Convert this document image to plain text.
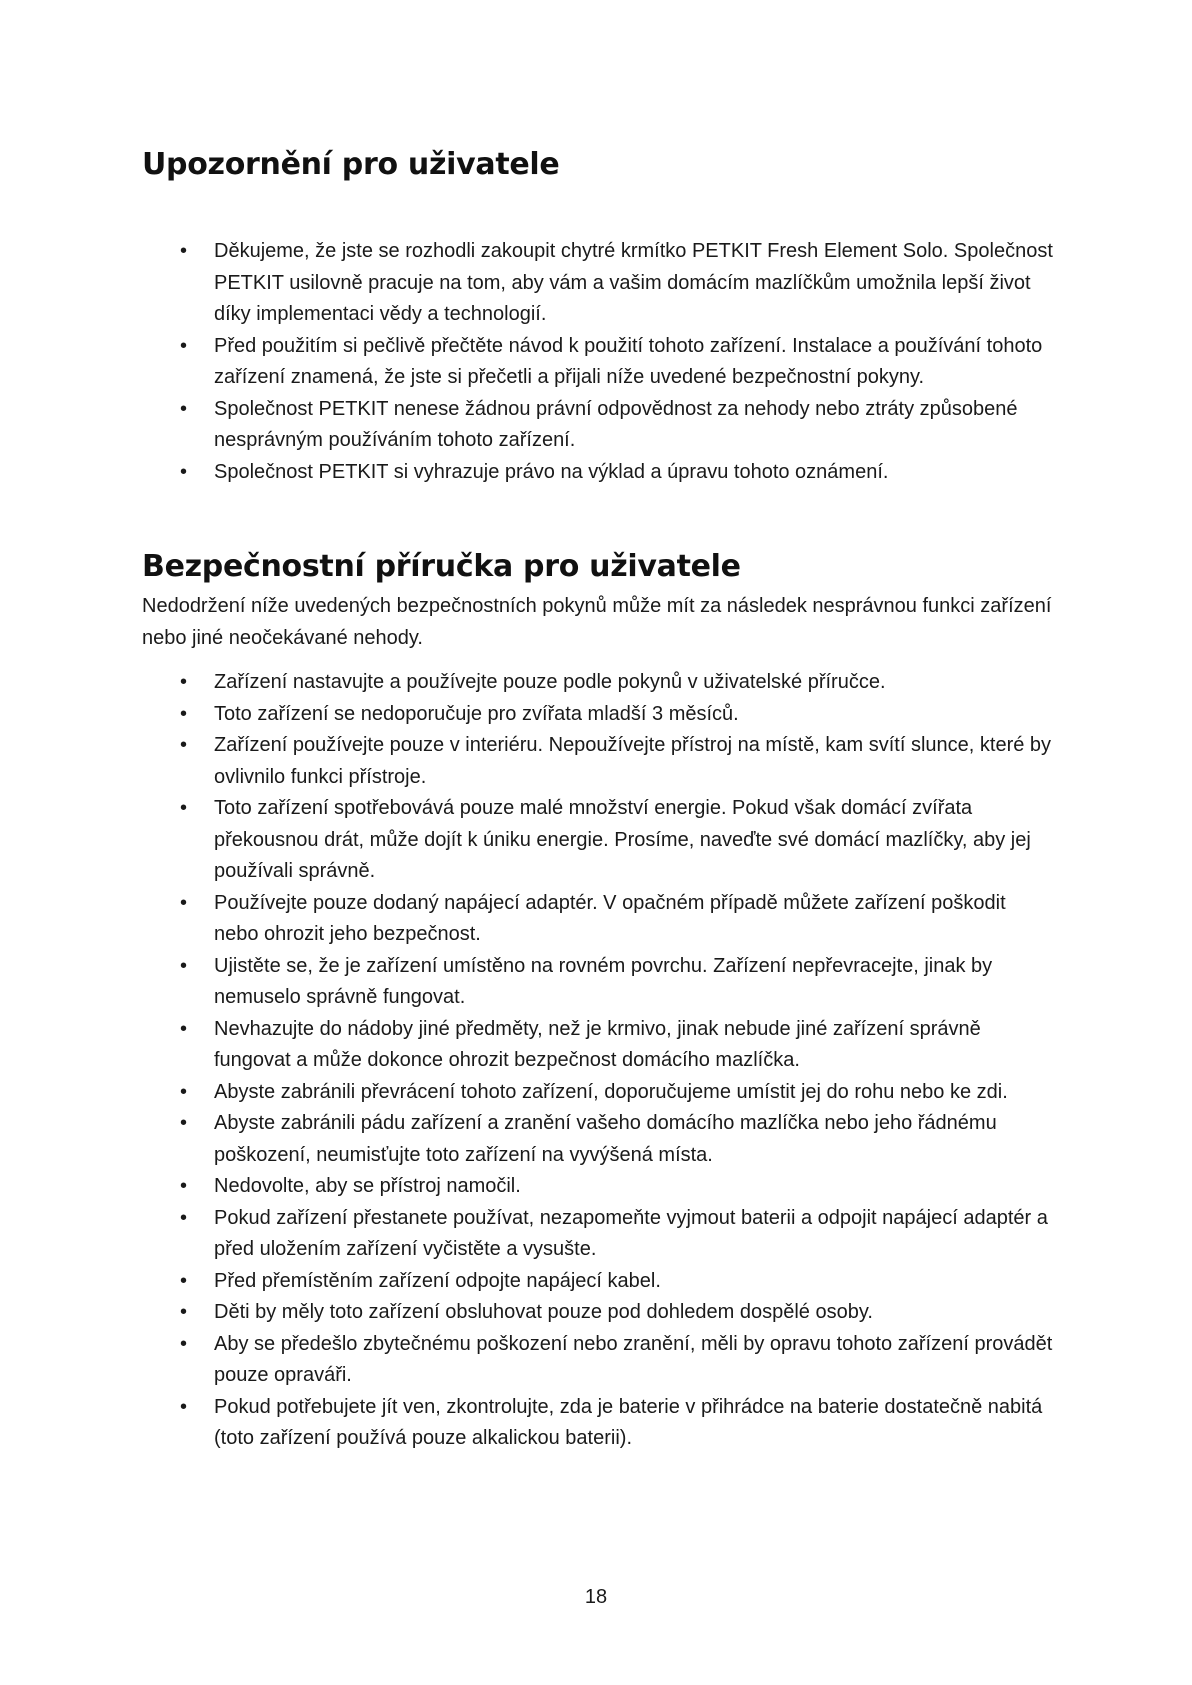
Upozornění pro uživatele
• Děkujeme, že jste se rozhodli zakoupit chytré krmítko PETKIT Fresh Element Solo. Společnost PETKIT usilovně pracuje na tom, aby vám a vašim domácím mazlíčkům umožnila lepší život díky implementaci vědy a technologií.
• Před použitím si pečlivě přečtěte návod k použití tohoto zařízení. Instalace a používání tohoto zařízení znamená, že jste si přečetli a přijali níže uvedené bezpečnostní pokyny.
• Společnost PETKIT nenese žádnou právní odpovědnost za nehody nebo ztráty způsobené nesprávným používáním tohoto zařízení.
• Společnost PETKIT si vyhrazuje právo na výklad a úpravu tohoto oznámení.
Bezpečnostní příručka pro uživatele

Nedodržení níže uvedených bezpečnostních pokynů může mít za následek nesprávnou funkci zařízení nebo jiné neočekávané nehody.

• Zařízení nastavujte a používejte pouze podle pokynů v uživatelské příručce.
• Toto zařízení se nedoporučuje pro zvířata mladší 3 měsíců.
• Zařízení používejte pouze v interiéru. Nepoužívejte přístroj na místě, kam svítí slunce, které by ovlivnilo funkci přístroje.
• Toto zařízení spotřebovává pouze malé množství energie. Pokud však domácí zvířata překousnou drát, může dojít k úniku energie. Prosíme, naveďte své domácí mazlíčky, aby jej používali správně.
• Používejte pouze dodaný napájecí adaptér. V opačném případě můžete zařízení poškodit nebo ohrozit jeho bezpečnost.
• Ujistěte se, že je zařízení umístěno na rovném povrchu. Zařízení nepřevracejte, jinak by nemuselo správně fungovat.
• Nevhazujte do nádoby jiné předměty, než je krmivo, jinak nebude jiné zařízení správně fungovat a může dokonce ohrozit bezpečnost domácího mazlíčka.
• Abyste zabránili převrácení tohoto zařízení, doporučujeme umístit jej do rohu nebo ke zdi.
• Abyste zabránili pádu zařízení a zranění vašeho domácího mazlíčka nebo jeho řádnému poškození, neumisťujte toto zařízení na vyvýšená místa.
• Nedovolte, aby se přístroj namočil.
• Pokud zařízení přestanete používat, nezapomeňte vyjmout baterii a odpojit napájecí adaptér a před uložením zařízení vyčistěte a vysušte.
• Před přemístěním zařízení odpojte napájecí kabel.
• Děti by měly toto zařízení obsluhovat pouze pod dohledem dospělé osoby.
• Aby se předešlo zbytečnému poškození nebo zranění, měli by opravu tohoto zařízení provádět pouze opraváři.
• Pokud potřebujete jít ven, zkontrolujte, zda je baterie v přihrádce na baterie dostatečně nabitá (toto zařízení používá pouze alkalickou baterii).
18
